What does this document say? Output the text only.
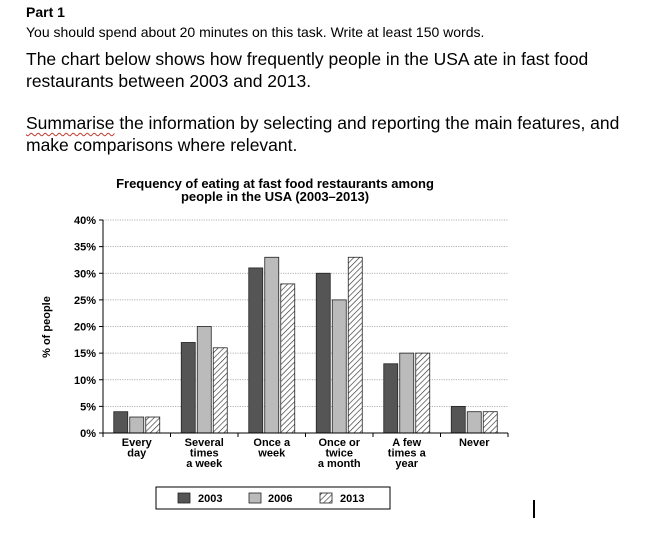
Part 1
You should spend about 20 minutes on this task. Write at least 150 words.
The chart below shows how frequently people in the USA ate in fast food restaurants between 2003 and 2013.
Summarise the information by selecting and reporting the main features, and make comparisons where relevant.
Frequency of eating at fast food restaurants among
people in the USA (2003–2013)
% of people
0%
5%
10%
15%
20%
25%
30%
35%
40%
Every
day
Several
times
a week
Once a
week
Once or
twice
a month
A few
times a
year
Never
2003	2006	2013
